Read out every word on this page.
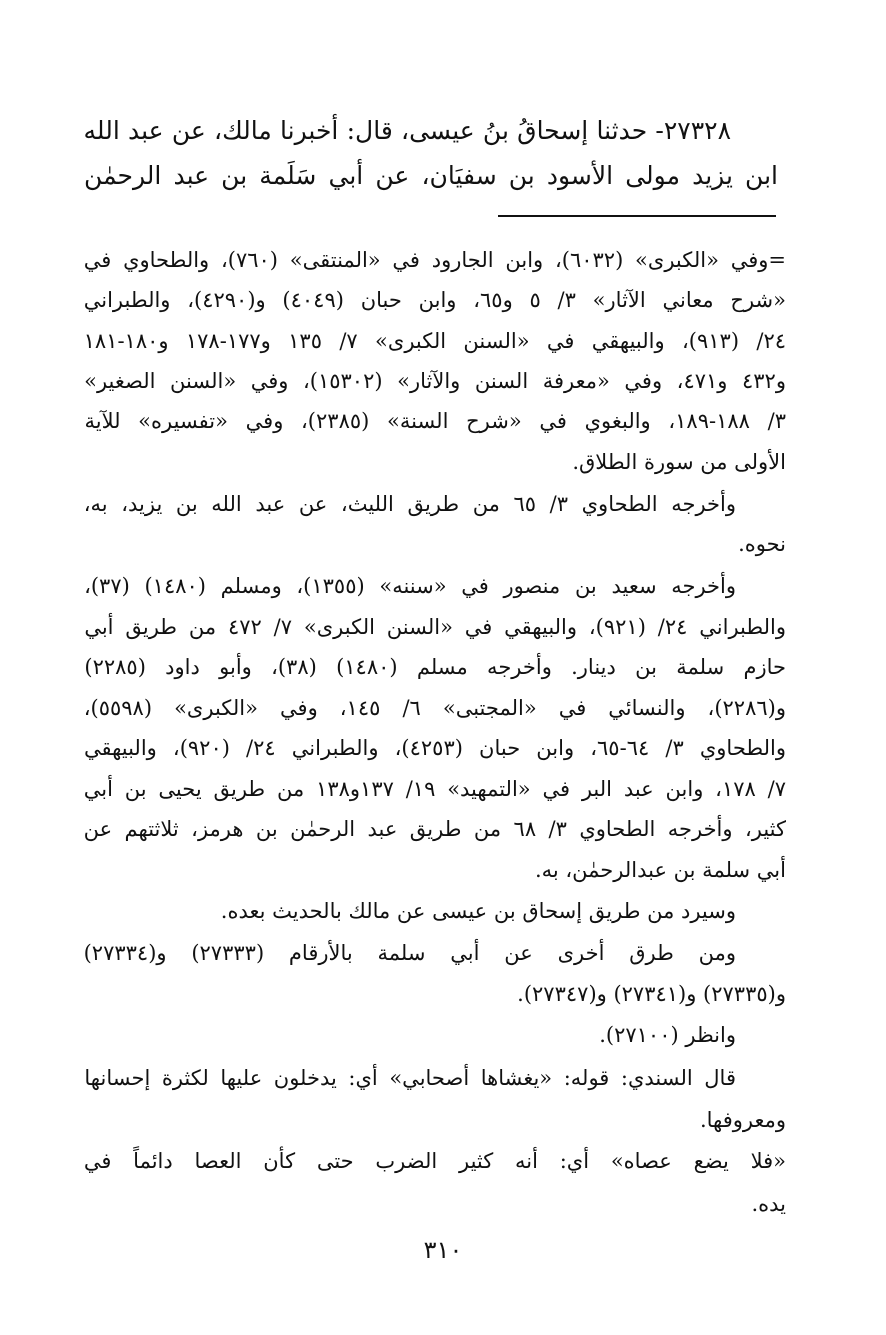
٢٧٣٢٨- حدثنا إسحاقُ بنُ عيسى، قال: أخبرنا مالك، عن عبد الله
ابن يزيد مولى الأسود بن سفيَان، عن أبي سَلَمة بن عبد الرحمٰن
=وفي «الكبرى» (٦٠٣٢)، وابن الجارود في «المنتقى» (٧٦٠)، والطحاوي في
«شرح معاني الآثار» ٣/ ٥ و٦٥، وابن حبان (٤٠٤٩) و(٤٢٩٠)، والطبراني
٢٤/ (٩١٣)، والبيهقي في «السنن الكبرى» ٧/ ١٣٥ و١٧٧-١٧٨ و١٨٠-١٨١
و٤٣٢ و٤٧١، وفي «معرفة السنن والآثار» (١٥٣٠٢)، وفي «السنن الصغير»
٣/ ١٨٨-١٨٩، والبغوي في «شرح السنة» (٢٣٨٥)، وفي «تفسيره» للآية
الأولى من سورة الطلاق.
وأخرجه الطحاوي ٣/ ٦٥ من طريق الليث، عن عبد الله بن يزيد، به،
نحوه.
وأخرجه سعيد بن منصور في «سننه» (١٣٥٥)، ومسلم (١٤٨٠) (٣٧)،
والطبراني ٢٤/ (٩٢١)، والبيهقي في «السنن الكبرى» ٧/ ٤٧٢ من طريق أبي
حازم سلمة بن دينار. وأخرجه مسلم (١٤٨٠) (٣٨)، وأبو داود (٢٢٨٥)
و(٢٢٨٦)، والنسائي في «المجتبى» ٦/ ١٤٥، وفي «الكبرى» (٥٥٩٨)،
والطحاوي ٣/ ٦٤-٦٥، وابن حبان (٤٢٥٣)، والطبراني ٢٤/ (٩٢٠)، والبيهقي
٧/ ١٧٨، وابن عبد البر في «التمهيد» ١٩/ ١٣٧و١٣٨ من طريق يحيى بن أبي
كثير، وأخرجه الطحاوي ٣/ ٦٨ من طريق عبد الرحمٰن بن هرمز، ثلاثتهم عن
أبي سلمة بن عبدالرحمٰن، به.
وسيرد من طريق إسحاق بن عيسى عن مالك بالحديث بعده.
ومن طرق أخرى عن أبي سلمة بالأرقام (٢٧٣٣٣) و(٢٧٣٣٤)
و(٢٧٣٣٥) و(٢٧٣٤١) و(٢٧٣٤٧).
وانظر (٢٧١٠٠).
قال السندي: قوله: «يغشاها أصحابي» أي: يدخلون عليها لكثرة إحسانها
ومعروفها.
«فلا يضع عصاه» أي: أنه كثير الضرب حتى كأن العصا دائماً في
يده.
٣١٠
